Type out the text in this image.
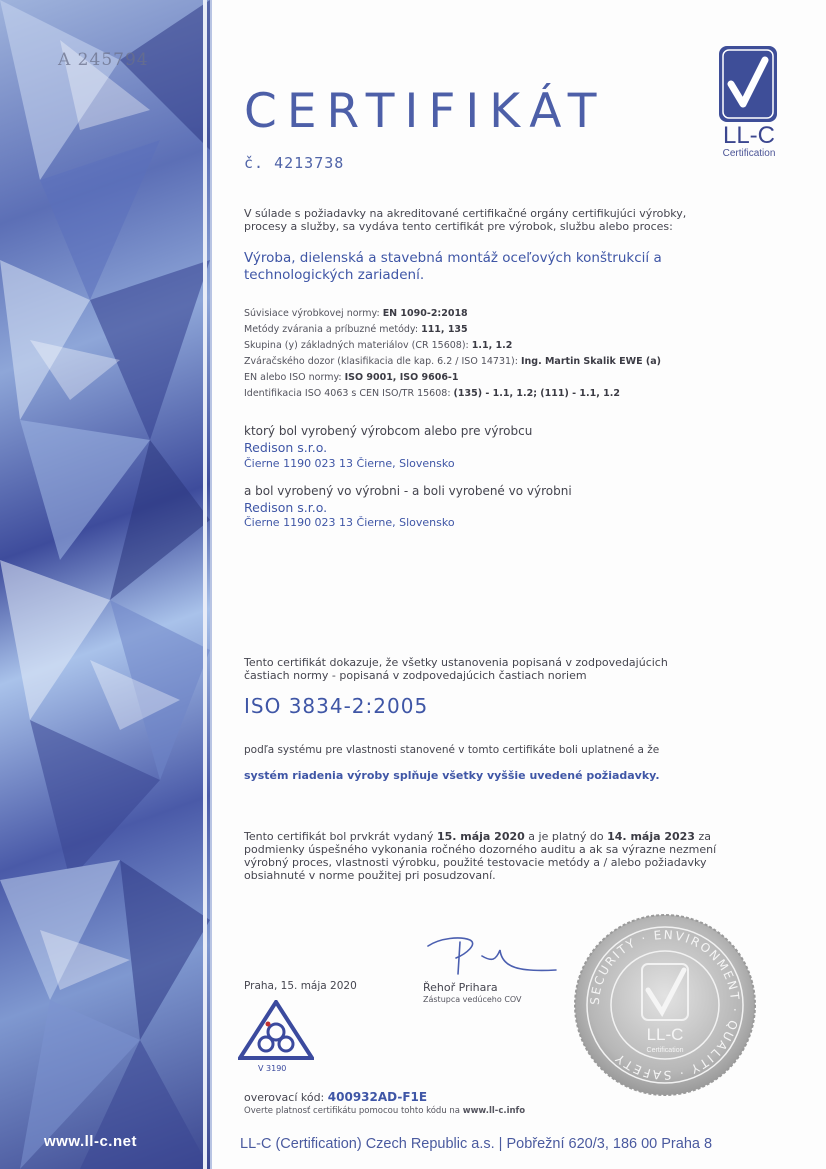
A 245794
www.ll-c.net
CERTIFIKÁT
č. 4213738
LL-C
Certification
V súlade s požiadavky na akreditované certifikačné orgány certifikujúci výrobky, procesy a služby, sa vydáva tento certifikát pre výrobok, službu alebo proces:
Výroba, dielenská a stavebná montáž oceľových konštrukcií a technologických zariadení.
Súvisiace výrobkovej normy: EN 1090-2:2018
Metódy zvárania a príbuzné metódy: 111, 135
Skupina (y) základných materiálov (CR 15608): 1.1, 1.2
Zváračského dozor (klasifikacia dle kap. 6.2 / ISO 14731): Ing. Martin Skalik EWE (a)
EN alebo ISO normy: ISO 9001, ISO 9606-1
Identifikacia ISO 4063 s CEN ISO/TR 15608: (135) - 1.1, 1.2; (111) - 1.1, 1.2
ktorý bol vyrobený výrobcom alebo pre výrobcu
Redison s.r.o.
Čierne 1190 023 13 Čierne, Slovensko
a bol vyrobený vo výrobni - a boli vyrobené vo výrobni
Redison s.r.o.
Čierne 1190 023 13 Čierne, Slovensko
Tento certifikát dokazuje, že všetky ustanovenia popisaná v zodpovedajúcich častiach normy - popisaná v zodpovedajúcich častiach noriem
ISO 3834-2:2005
podľa systému pre vlastnosti stanovené v tomto certifikáte boli uplatnené a že
systém riadenia výroby splňuje všetky vyššie uvedené požiadavky.
Tento certifikát bol prvkrát vydaný 15. mája 2020 a je platný do 14. mája 2023 za podmienky úspešného vykonania ročného dozorného auditu a ak sa výrazne nezmení výrobný proces, vlastnosti výrobku, použité testovacie metódy a / alebo požiadavky obsiahnuté v norme použitej pri posudzovaní.
Praha, 15. mája 2020	Řehoř Prihara
Zástupca vedúceho COV
V 3190
overovací kód: 400932AD-F1E
Overte platnosť certifikátu pomocou tohto kódu na www.ll-c.info
SECURITY · ENVIRONMENT · QUALITY · SAFETY
LL-C
Certification
LL-C (Certification) Czech Republic a.s. | Pobřežní 620/3, 186 00 Praha 8
